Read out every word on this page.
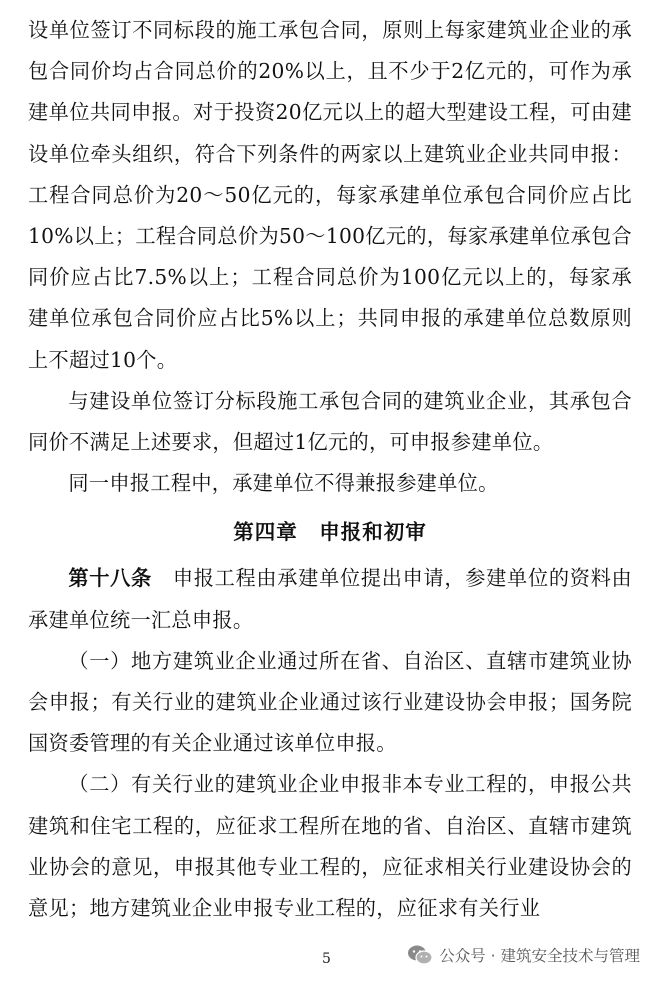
设单位签订不同标段的施工承包合同，原则上每家建筑业企业的承包合同价均占合同总价的20%以上，且不少于2亿元的，可作为承建单位共同申报。对于投资20亿元以上的超大型建设工程，可由建设单位牵头组织，符合下列条件的两家以上建筑业企业共同申报：工程合同总价为20～50亿元的，每家承建单位承包合同价应占比10%以上；工程合同总价为50～100亿元的，每家承建单位承包合同价应占比7.5%以上；工程合同总价为100亿元以上的，每家承建单位承包合同价应占比5%以上；共同申报的承建单位总数原则上不超过10个。

与建设单位签订分标段施工承包合同的建筑业企业，其承包合同价不满足上述要求，但超过1亿元的，可申报参建单位。

同一申报工程中，承建单位不得兼报参建单位。

第四章　申报和初审

第十八条　 申报工程由承建单位提出申请，参建单位的资料由承建单位统一汇总申报。

（一）地方建筑业企业通过所在省、自治区、直辖市建筑业协会申报；有关行业的建筑业企业通过该行业建设协会申报；国务院国资委管理的有关企业通过该单位申报。

（二）有关行业的建筑业企业申报非本专业工程的，申报公共建筑和住宅工程的，应征求工程所在地的省、自治区、直辖市建筑业协会的意见，申报其他专业工程的，应征求相关行业建设协会的意见；地方建筑业企业申报专业工程的，应征求有关行业

5	公众号 · 建筑安全技术与管理
